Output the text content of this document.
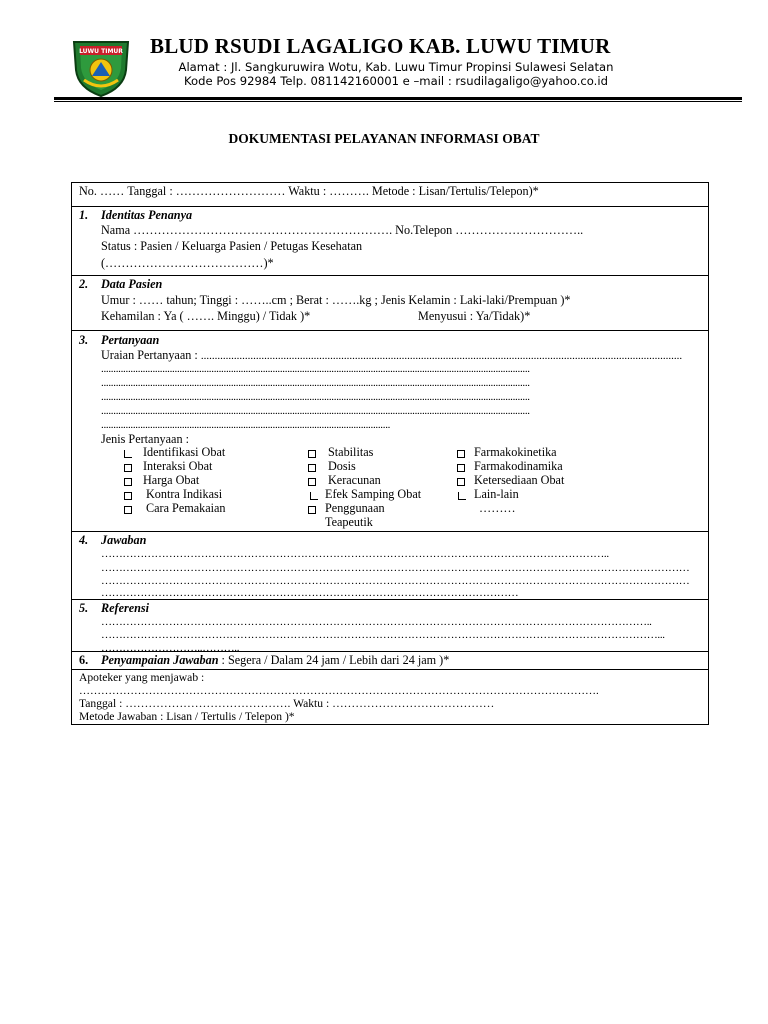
LUWU TIMUR BLUD RSUDI LAGALIGO KAB. LUWU TIMUR
Alamat : Jl. Sangkuruwira Wotu, Kab. Luwu Timur Propinsi Sulawesi Selatan
Kode Pos 92984 Telp. 081142160001 e –mail : rsudilagaligo@yahoo.co.id
DOKUMENTASI PELAYANAN INFORMASI OBAT
No. …… Tanggal : ……………………… Waktu : ………. Metode : Lisan/Tertulis/Telepon)*
1. Identitas Penanya
Nama ………………………………………………………. No.Telepon …………………………..
Status : Pasien / Keluarga Pasien / Petugas Kesehatan
(…………………………………)*
2. Data Pasien
Umur : …… tahun; Tinggi : ……..cm ; Berat : …….kg ; Jenis Kelamin : Laki-laki/Prempuan )*
Kehamilan : Ya ( ……. Minggu) / Tidak )*	Menyusui : Ya/Tidak)*
3. Pertanyaan
Uraian Pertanyaan : ...............................................................................................................................................................................
...............................................................................................................................................................................
...............................................................................................................................................................................
...............................................................................................................................................................................
...............................................................................................................................................................................
......................................................................................................................
Jenis Pertanyaan :
Identifikasi Obat
Interaksi Obat
Harga Obat
Kontra Indikasi
Cara Pemakaian
Stabilitas
Dosis
Keracunan
Efek Samping Obat
Penggunaan
Teapeutik
Farmakokinetika
Farmakodinamika
Ketersediaan Obat
Lain-lain
………
4. Jawaban
……………………………………………………………………………………………………………………………..
…………………………………………………………………………………………………………………………………………………
…………………………………………………………………………………………………………………………………………………
………………………………………………………………………………………………………
5. Referensi
………………………………………………………………………………………………………………………………………..
…………………………………………………………………………………………………………………………………………...
………………………..………..
6. Penyampaian Jawaban : Segera / Dalam 24 jam / Lebih dari 24 jam )*
Apoteker yang menjawab :
…………………………………………………………………………………………………………………………….
Tanggal : ……………………………………. Waktu : ……………………………………
Metode Jawaban : Lisan / Tertulis / Telepon )*
